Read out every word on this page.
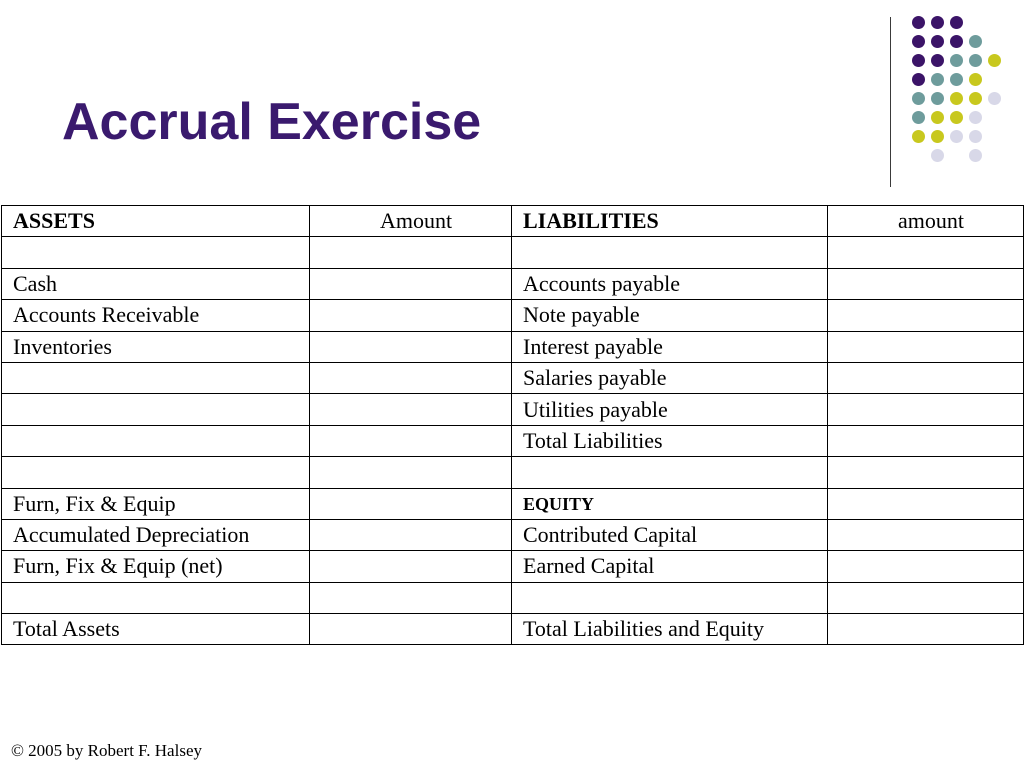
Accrual Exercise
ASSETS	Amount	LIABILITIES	amount

Cash		Accounts payable	
Accounts Receivable		Note payable	
Inventories		Interest payable	
		Salaries payable	
		Utilities payable	
		Total Liabilities	

Furn, Fix & Equip		EQUITY	
Accumulated Depreciation		Contributed Capital	
Furn, Fix & Equip (net)		Earned Capital	

Total Assets		Total Liabilities and Equity	
© 2005 by Robert F. Halsey
